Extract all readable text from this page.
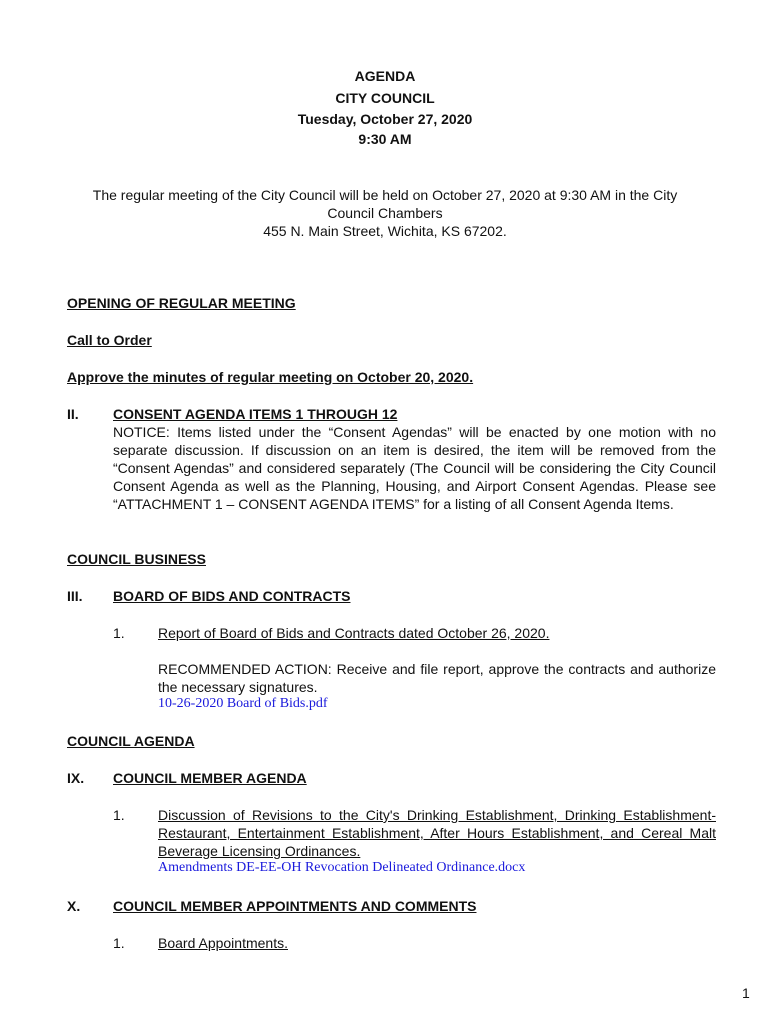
AGENDA
CITY COUNCIL
Tuesday, October 27, 2020
9:30 AM
The regular meeting of the City Council will be held on October 27, 2020 at 9:30 AM in the City
Council Chambers
455 N. Main Street, Wichita, KS 67202.
OPENING OF REGULAR MEETING
Call to Order
Approve the minutes of regular meeting on October 20, 2020.
II. CONSENT AGENDA ITEMS 1 THROUGH 12
NOTICE: Items listed under the “Consent Agendas” will be enacted by one motion with no separate discussion. If discussion on an item is desired, the item will be removed from the “Consent Agendas” and considered separately (The Council will be considering the City Council Consent Agenda as well as the Planning, Housing, and Airport Consent Agendas. Please see “ATTACHMENT 1 – CONSENT AGENDA ITEMS” for a listing of all Consent Agenda Items.
COUNCIL BUSINESS
III. BOARD OF BIDS AND CONTRACTS
1. Report of Board of Bids and Contracts dated October 26, 2020.
RECOMMENDED ACTION: Receive and file report, approve the contracts and authorize the necessary signatures.
10-26-2020 Board of Bids.pdf
COUNCIL AGENDA
IX. COUNCIL MEMBER AGENDA
1. Discussion of Revisions to the City's Drinking Establishment, Drinking Establishment-Restaurant, Entertainment Establishment, After Hours Establishment, and Cereal Malt Beverage Licensing Ordinances.
Amendments DE-EE-OH Revocation Delineated Ordinance.docx
X. COUNCIL MEMBER APPOINTMENTS AND COMMENTS
1. Board Appointments.
1
